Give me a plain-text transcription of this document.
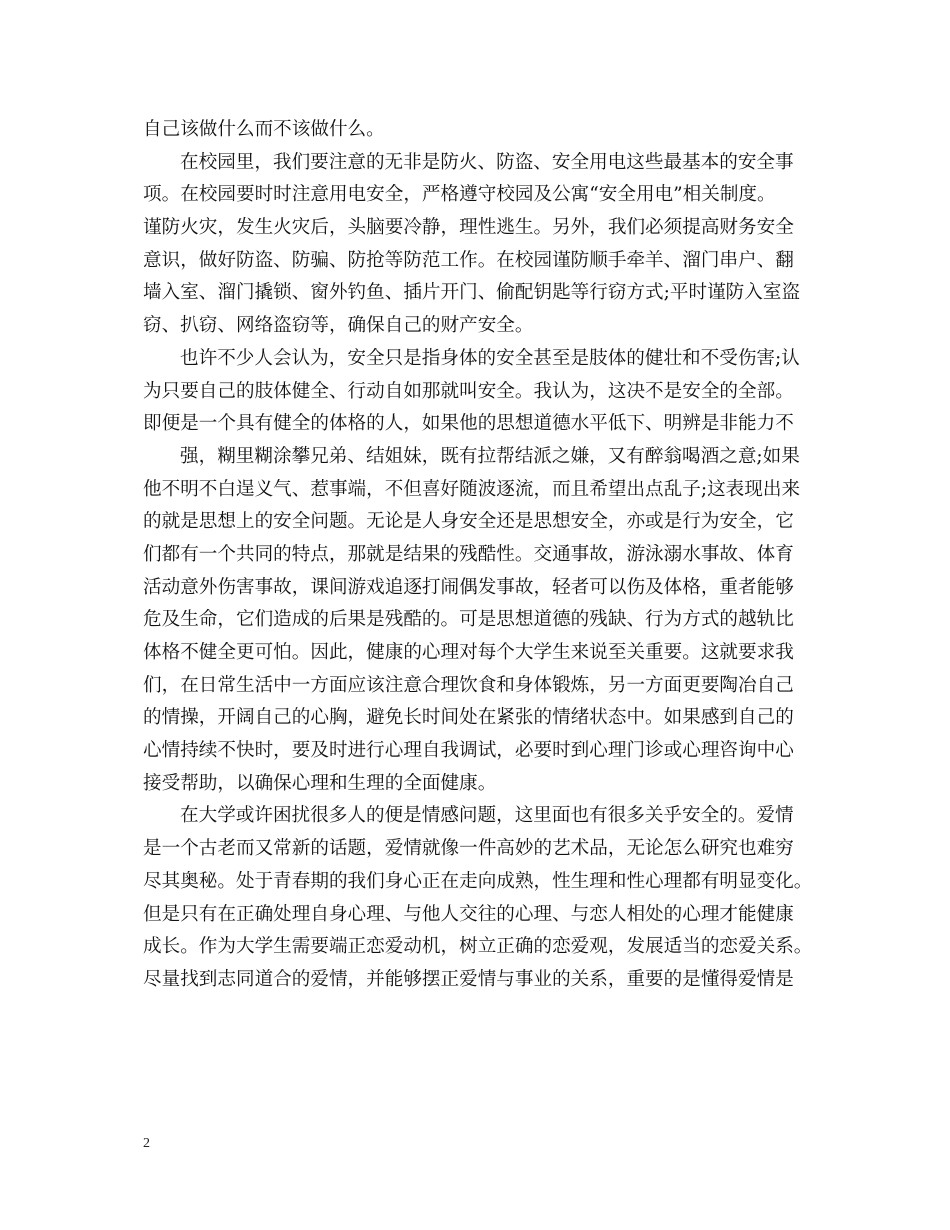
自己该做什么而不该做什么。
在校园里，我们要注意的无非是防火、防盗、安全用电这些最基本的安全事
项。在校园要时时注意用电安全，严格遵守校园及公寓“安全用电”相关制度。
谨防火灾，发生火灾后，头脑要冷静，理性逃生。另外，我们必须提高财务安全
意识，做好防盗、防骗、防抢等防范工作。在校园谨防顺手牵羊、溜门串户、翻
墙入室、溜门撬锁、窗外钓鱼、插片开门、偷配钥匙等行窃方式;平时谨防入室盗
窃、扒窃、网络盗窃等，确保自己的财产安全。
也许不少人会认为，安全只是指身体的安全甚至是肢体的健壮和不受伤害;认
为只要自己的肢体健全、行动自如那就叫安全。我认为，这决不是安全的全部。
即便是一个具有健全的体格的人，如果他的思想道德水平低下、明辨是非能力不
强，糊里糊涂攀兄弟、结姐妹，既有拉帮结派之嫌，又有醉翁喝酒之意;如果
他不明不白逞义气、惹事端，不但喜好随波逐流，而且希望出点乱子;这表现出来
的就是思想上的安全问题。无论是人身安全还是思想安全，亦或是行为安全，它
们都有一个共同的特点，那就是结果的残酷性。交通事故，游泳溺水事故、体育
活动意外伤害事故，课间游戏追逐打闹偶发事故，轻者可以伤及体格，重者能够
危及生命，它们造成的后果是残酷的。可是思想道德的残缺、行为方式的越轨比
体格不健全更可怕。因此，健康的心理对每个大学生来说至关重要。这就要求我
们，在日常生活中一方面应该注意合理饮食和身体锻炼，另一方面更要陶冶自己
的情操，开阔自己的心胸，避免长时间处在紧张的情绪状态中。如果感到自己的
心情持续不快时，要及时进行心理自我调试，必要时到心理门诊或心理咨询中心
接受帮助，以确保心理和生理的全面健康。
在大学或许困扰很多人的便是情感问题，这里面也有很多关乎安全的。爱情
是一个古老而又常新的话题，爱情就像一件高妙的艺术品，无论怎么研究也难穷
尽其奥秘。处于青春期的我们身心正在走向成熟，性生理和性心理都有明显变化。
但是只有在正确处理自身心理、与他人交往的心理、与恋人相处的心理才能健康
成长。作为大学生需要端正恋爱动机，树立正确的恋爱观，发展适当的恋爱关系。
尽量找到志同道合的爱情，并能够摆正爱情与事业的关系，重要的是懂得爱情是
2
